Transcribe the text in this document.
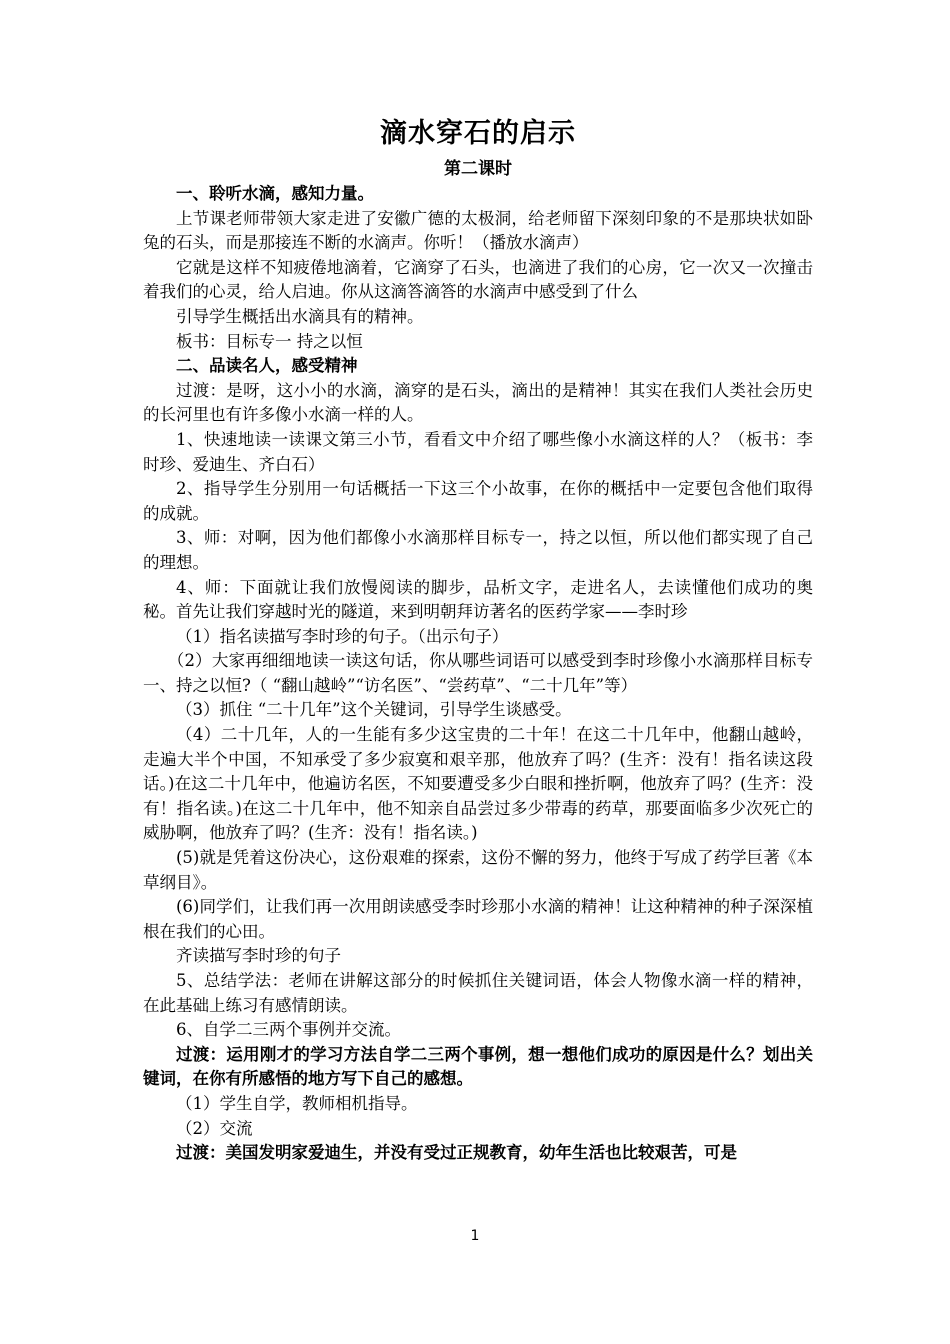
滴水穿石的启示
第二课时

一、聆听水滴，感知力量。

上节课老师带领大家走进了安徽广德的太极洞，给老师留下深刻印象的不是那块状如卧兔的石头，而是那接连不断的水滴声。你听！（播放水滴声）

它就是这样不知疲倦地滴着，它滴穿了石头，也滴进了我们的心房，它一次又一次撞击着我们的心灵，给人启迪。你从这滴答滴答的水滴声中感受到了什么

引导学生概括出水滴具有的精神。

板书：目标专一 持之以恒

二、品读名人，感受精神

过渡：是呀，这小小的水滴，滴穿的是石头，滴出的是精神！其实在我们人类社会历史的长河里也有许多像小水滴一样的人。

1、快速地读一读课文第三小节，看看文中介绍了哪些像小水滴这样的人？（板书：李时珍、爱迪生、齐白石）

2、指导学生分别用一句话概括一下这三个小故事，在你的概括中一定要包含他们取得的成就。

3、师：对啊，因为他们都像小水滴那样目标专一，持之以恒，所以他们都实现了自己的理想。

4、师：下面就让我们放慢阅读的脚步，品析文字，走进名人，去读懂他们成功的奥秘。首先让我们穿越时光的隧道，来到明朝拜访著名的医药学家——李时珍

（1）指名读描写李时珍的句子。（出示句子）

（2）大家再细细地读一读这句话，你从哪些词语可以感受到李时珍像小水滴那样目标专一、持之以恒?（ “翻山越岭”“访名医”、“尝药草”、“二十几年”等）

（3）抓住 “二十几年”这个关键词，引导学生谈感受。

（4）二十几年，人的一生能有多少这宝贵的二十年！在这二十几年中，他翻山越岭，走遍大半个中国，不知承受了多少寂寞和艰辛那，他放弃了吗？(生齐：没有！指名读这段话。)在这二十几年中，他遍访名医，不知要遭受多少白眼和挫折啊，他放弃了吗？(生齐：没有！指名读。)在这二十几年中，他不知亲自品尝过多少带毒的药草，那要面临多少次死亡的威胁啊，他放弃了吗？(生齐：没有！指名读。)

(5)就是凭着这份决心，这份艰难的探索，这份不懈的努力，他终于写成了药学巨著《本草纲目》。

(6)同学们，让我们再一次用朗读感受李时珍那小水滴的精神！让这种精神的种子深深植根在我们的心田。

齐读描写李时珍的句子

5、总结学法：老师在讲解这部分的时候抓住关键词语，体会人物像水滴一样的精神，在此基础上练习有感情朗读。

6、自学二三两个事例并交流。

过渡：运用刚才的学习方法自学二三两个事例，想一想他们成功的原因是什么？划出关键词，在你有所感悟的地方写下自己的感想。

（1）学生自学，教师相机指导。

（2）交流

过渡：美国发明家爱迪生，并没有受过正规教育，幼年生活也比较艰苦，可是

1
